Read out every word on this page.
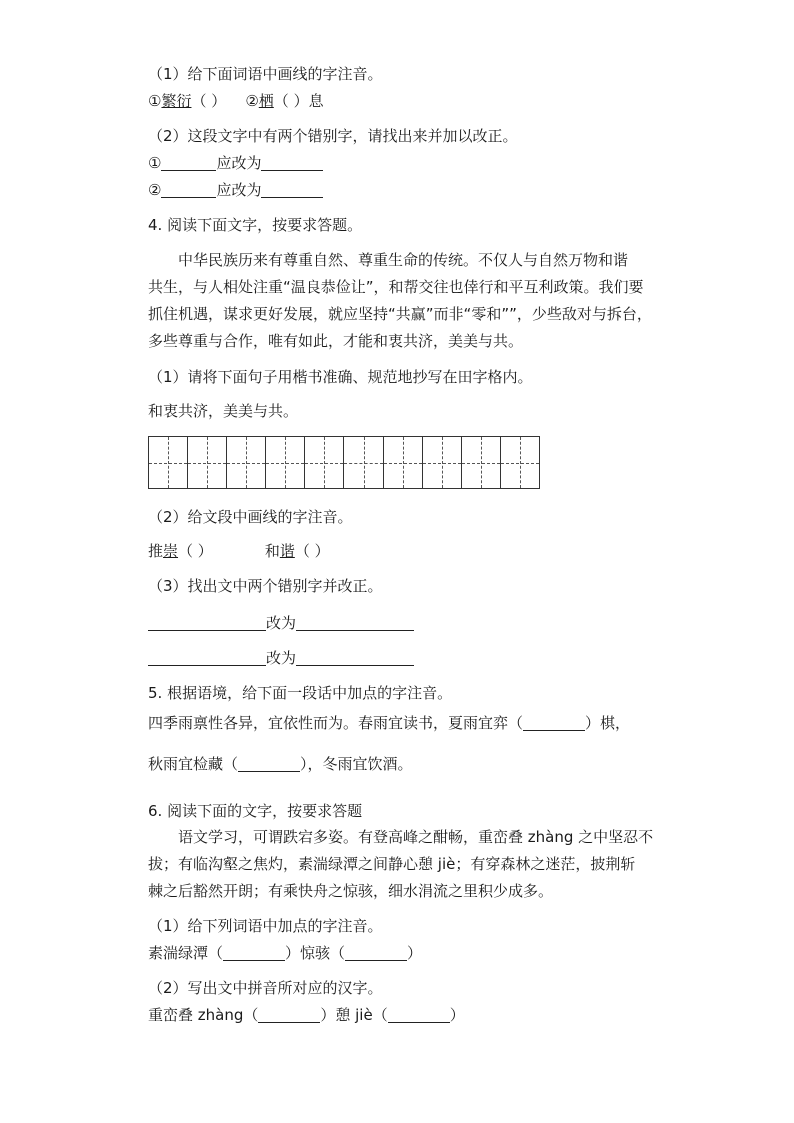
（1）给下面词语中画线的字注音。
①繁衍（ ） ②栖（ ）息
（2）这段文字中有两个错别字，请找出来并加以改正。
①	应改为
②	应改为
4. 阅读下面文字，按要求答题。
中华民族历来有尊重自然、尊重生命的传统。不仅人与自然万物和谐
共生，与人相处注重“温良恭俭让”，和帮交往也倖行和平互利政策。我们要
抓住机遇，谋求更好发展，就应坚持“共赢”而非“零和””，少些敌对与拆台，
多些尊重与合作，唯有如此，才能和衷共济，美美与共。
（1）请将下面句子用楷书准确、规范地抄写在田字格内。
和衷共济，美美与共。
（2）给文段中画线的字注音。
推崇（ ）	和谐（ ）
（3）找出文中两个错别字并改正。
改为
改为
5. 根据语境，给下面一段话中加点的字注音。
四季雨禀性各异，宜依性而为。春雨宜读书，夏雨宜弈（	）棋，
秋雨宜检藏（	），冬雨宜饮酒。
6. 阅读下面的文字，按要求答题
语文学习，可谓跌宕多姿。有登高峰之酣畅，重峦叠 zhàng 之中坚忍不
拔；有临沟壑之焦灼，素湍绿潭之间静心憩 jiè；有穿森林之迷茫，披荆斩
棘之后豁然开朗；有乘快舟之惊骇，细水涓流之里积少成多。
（1）给下列词语中加点的字注音。
素湍绿潭（	）惊骇（	）
（2）写出文中拼音所对应的汉字。
重峦叠 zhàng（	）憩 jiè（	）
